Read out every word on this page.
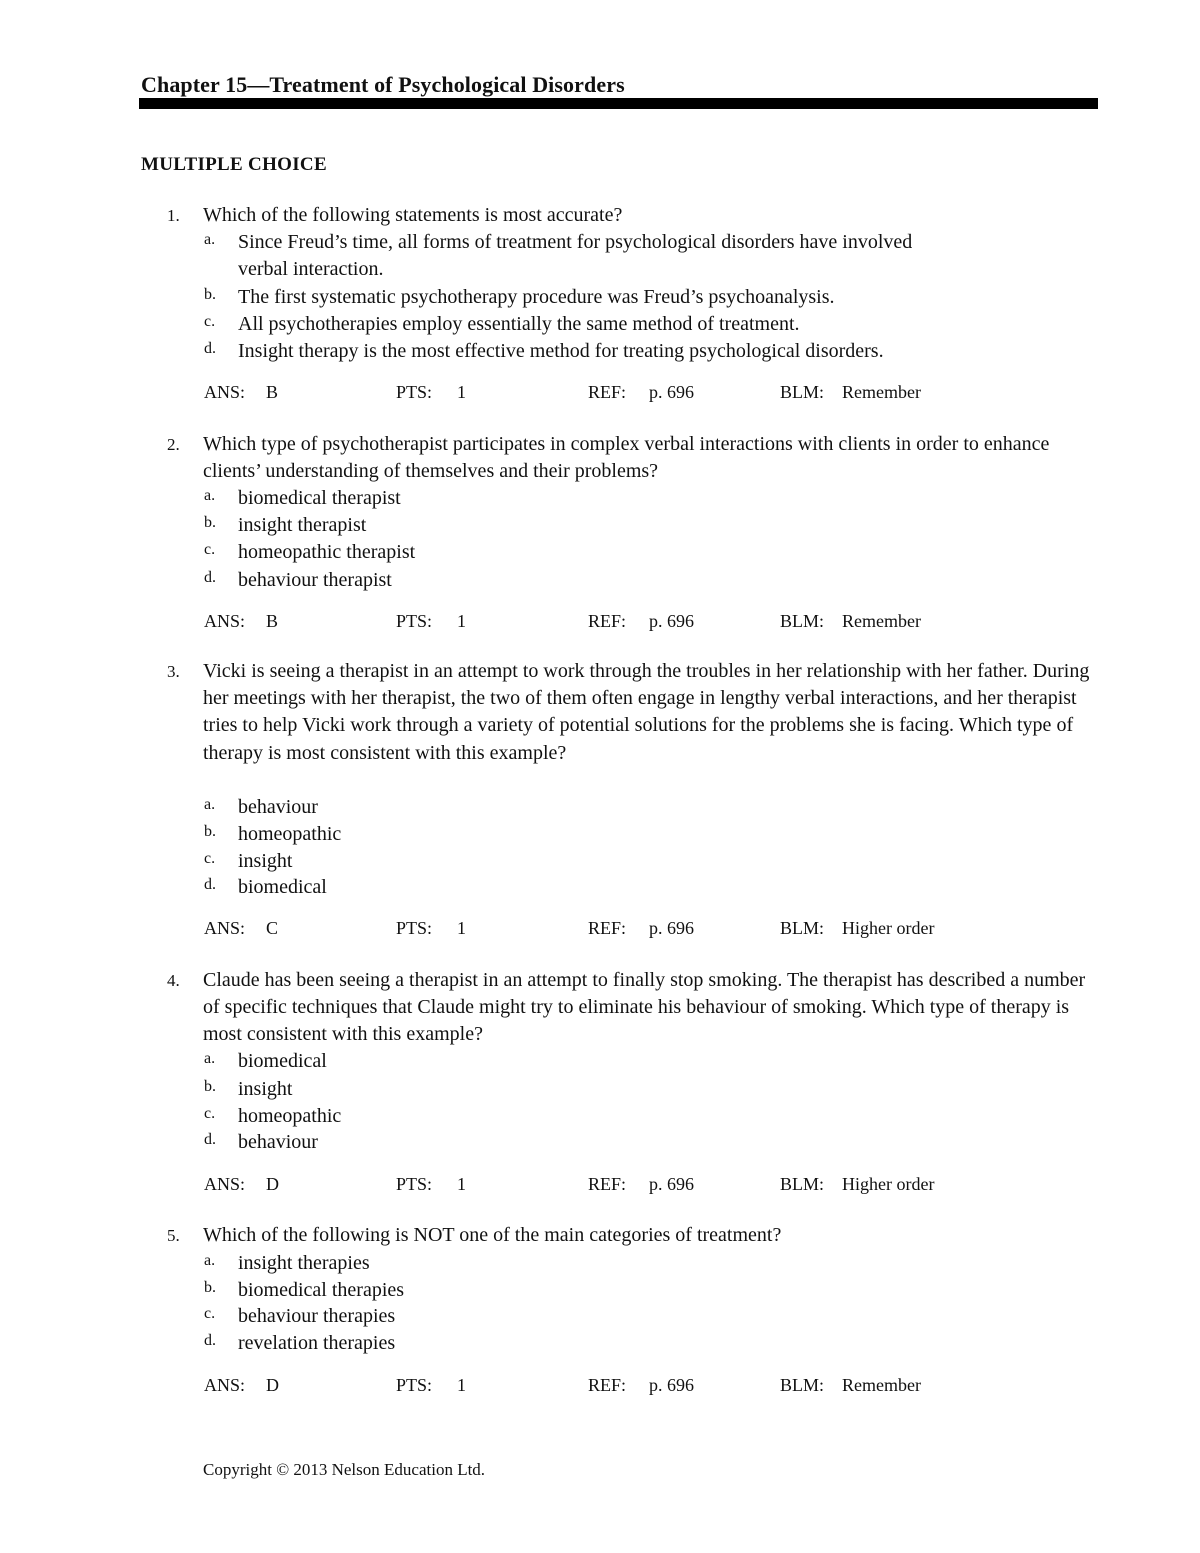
Chapter 15—Treatment of Psychological Disorders
MULTIPLE CHOICE
1. Which of the following statements is most accurate?

a. Since Freud’s time, all forms of treatment for psychological disorders have involved verbal interaction.
b. The first systematic psychotherapy procedure was Freud’s psychoanalysis.
c. All psychotherapies employ essentially the same method of treatment.
d. Insight therapy is the most effective method for treating psychological disorders.
ANS: B	PTS: 1	REF: p. 696	BLM: Remember
2. Which type of psychotherapist participates in complex verbal interactions with clients in order to enhance clients’ understanding of themselves and their problems?

a. biomedical therapist
b. insight therapist
c. homeopathic therapist
d. behaviour therapist
ANS: B	PTS: 1	REF: p. 696	BLM: Remember
3. Vicki is seeing a therapist in an attempt to work through the troubles in her relationship with her father. During her meetings with her therapist, the two of them often engage in lengthy verbal interactions, and her therapist tries to help Vicki work through a variety of potential solutions for the problems she is facing. Which type of therapy is most consistent with this example?

a. behaviour
b. homeopathic
c. insight
d. biomedical
ANS: C	PTS: 1	REF: p. 696	BLM: Higher order
4. Claude has been seeing a therapist in an attempt to finally stop smoking. The therapist has described a number of specific techniques that Claude might try to eliminate his behaviour of smoking. Which type of therapy is most consistent with this example?

a. biomedical
b. insight
c. homeopathic
d. behaviour
ANS: D	PTS: 1	REF: p. 696	BLM: Higher order
5. Which of the following is NOT one of the main categories of treatment?

a. insight therapies
b. biomedical therapies
c. behaviour therapies
d. revelation therapies
ANS: D	PTS: 1	REF: p. 696	BLM: Remember
Copyright © 2013 Nelson Education Ltd.
